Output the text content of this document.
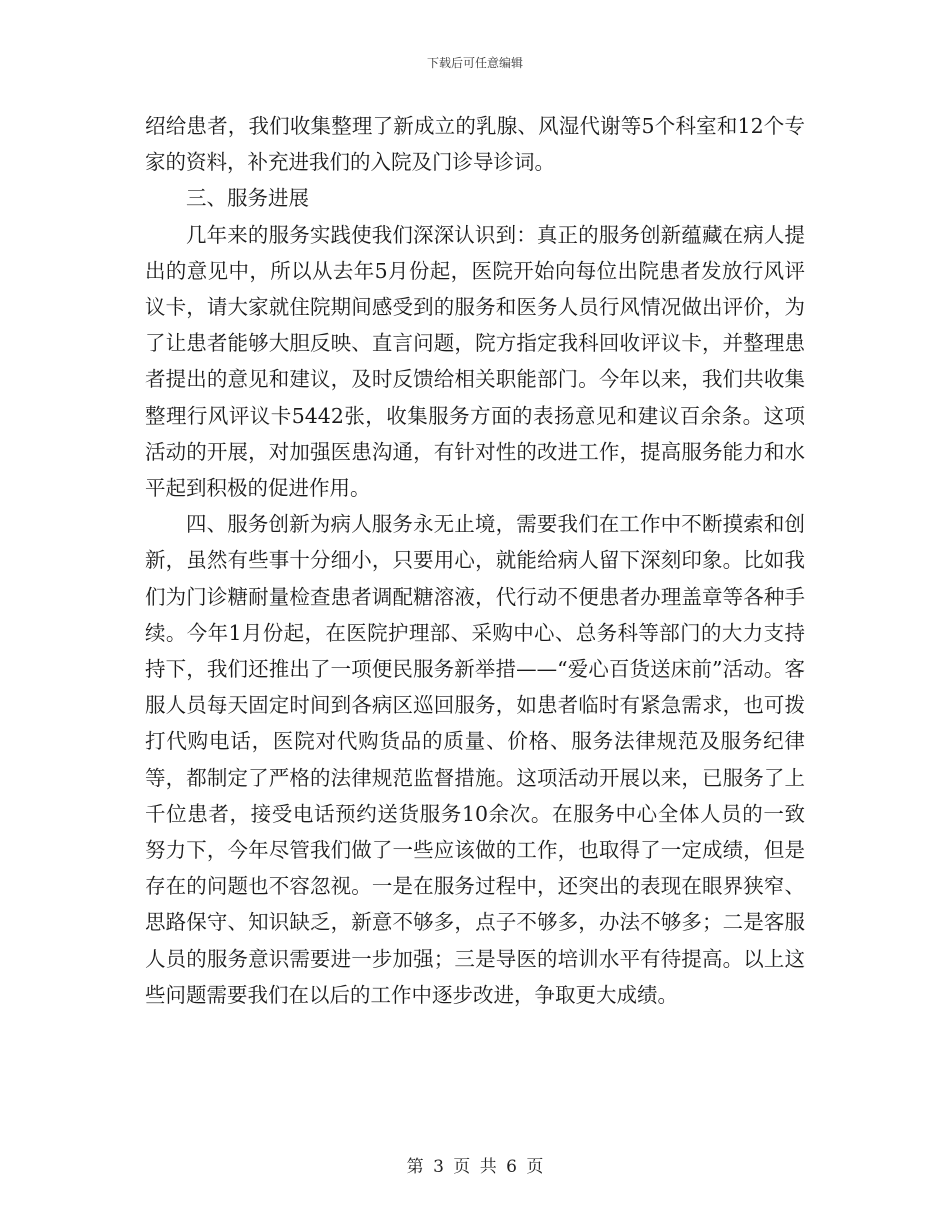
下载后可任意编辑

绍给患者，我们收集整理了新成立的乳腺、风湿代谢等5个科室和12个专家的资料，补充进我们的入院及门诊导诊词。

三、服务进展

几年来的服务实践使我们深深认识到：真正的服务创新蕴藏在病人提出的意见中，所以从去年5月份起，医院开始向每位出院患者发放行风评议卡，请大家就住院期间感受到的服务和医务人员行风情况做出评价，为了让患者能够大胆反映、直言问题，院方指定我科回收评议卡，并整理患者提出的意见和建议，及时反馈给相关职能部门。今年以来，我们共收集整理行风评议卡5442张，收集服务方面的表扬意见和建议百余条。这项活动的开展，对加强医患沟通，有针对性的改进工作，提高服务能力和水平起到积极的促进作用。

四、服务创新为病人服务永无止境，需要我们在工作中不断摸索和创新，虽然有些事十分细小，只要用心，就能给病人留下深刻印象。比如我们为门诊糖耐量检查患者调配糖溶液，代行动不便患者办理盖章等各种手续。今年1月份起，在医院护理部、采购中心、总务科等部门的大力支持持下，我们还推出了一项便民服务新举措——“爱心百货送床前”活动。客服人员每天固定时间到各病区巡回服务，如患者临时有紧急需求，也可拨打代购电话，医院对代购货品的质量、价格、服务法律规范及服务纪律等，都制定了严格的法律规范监督措施。这项活动开展以来，已服务了上千位患者，接受电话预约送货服务10余次。在服务中心全体人员的一致努力下，今年尽管我们做了一些应该做的工作，也取得了一定成绩，但是存在的问题也不容忽视。一是在服务过程中，还突出的表现在眼界狭窄、思路保守、知识缺乏，新意不够多，点子不够多，办法不够多；二是客服人员的服务意识需要进一步加强；三是导医的培训水平有待提高。以上这些问题需要我们在以后的工作中逐步改进，争取更大成绩。

第 3 页 共 6 页
